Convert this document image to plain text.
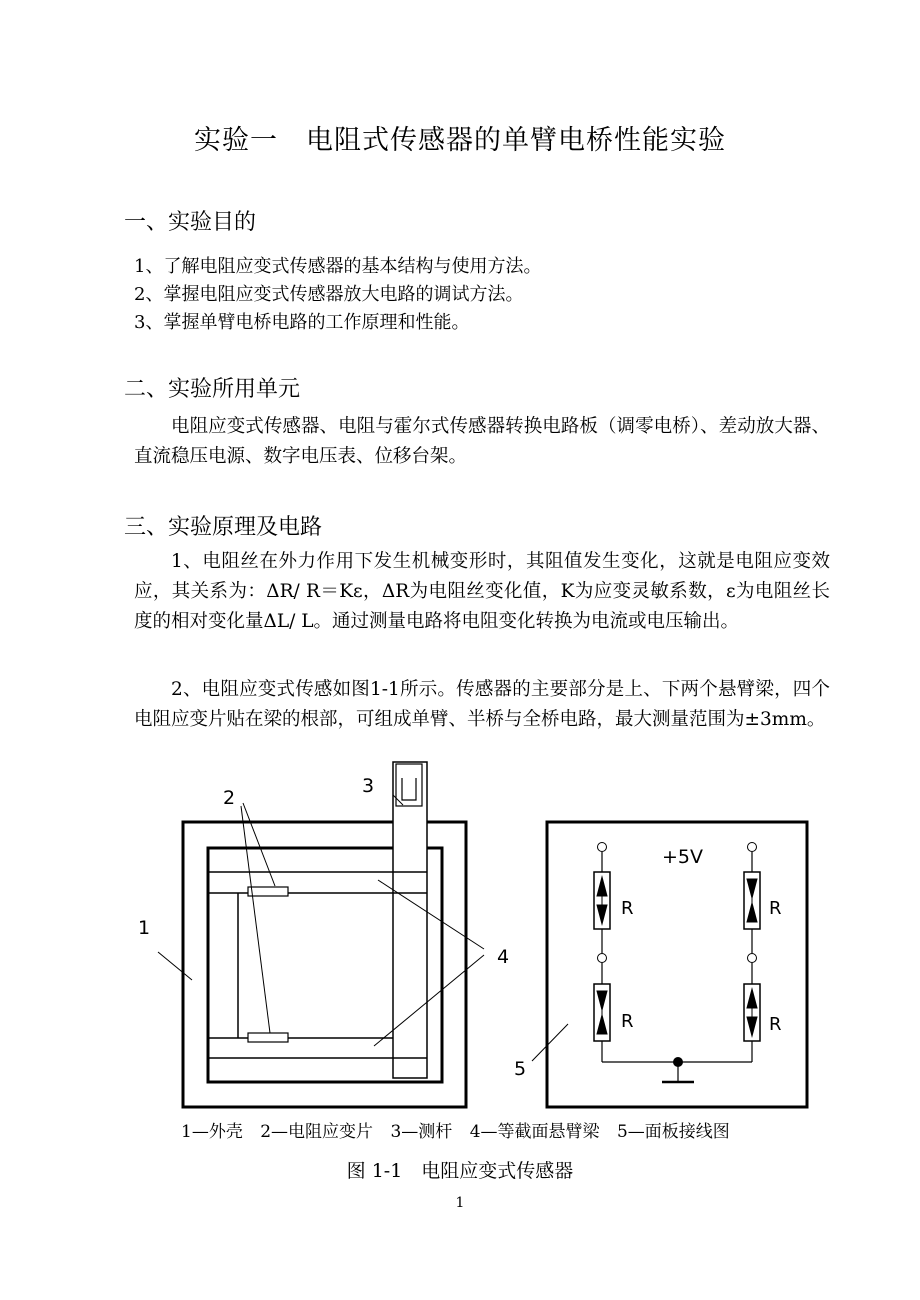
实验一　电阻式传感器的单臂电桥性能实验
一、实验目的
1、了解电阻应变式传感器的基本结构与使用方法。
2、掌握电阻应变式传感器放大电路的调试方法。
3、掌握单臂电桥电路的工作原理和性能。
二、实验所用单元
电阻应变式传感器、电阻与霍尔式传感器转换电路板（调零电桥）、差动放大器、直流稳压电源、数字电压表、位移台架。
三、实验原理及电路
1、电阻丝在外力作用下发生机械变形时，其阻值发生变化，这就是电阻应变效应，其关系为：ΔR/ R＝Kε，ΔR为电阻丝变化值，K为应变灵敏系数，ε为电阻丝长度的相对变化量ΔL/ L。通过测量电路将电阻变化转换为电流或电压输出。
2、电阻应变式传感如图1-1所示。传感器的主要部分是上、下两个悬臂梁，四个电阻应变片贴在梁的根部，可组成单臂、半桥与全桥电路，最大测量范围为±3mm。
1
2
3
4
+5V
R	R
R	R
5
1—外壳 2—电阻应变片 3—测杆 4—等截面悬臂梁 5—面板接线图
图 1-1　电阻应变式传感器
1
